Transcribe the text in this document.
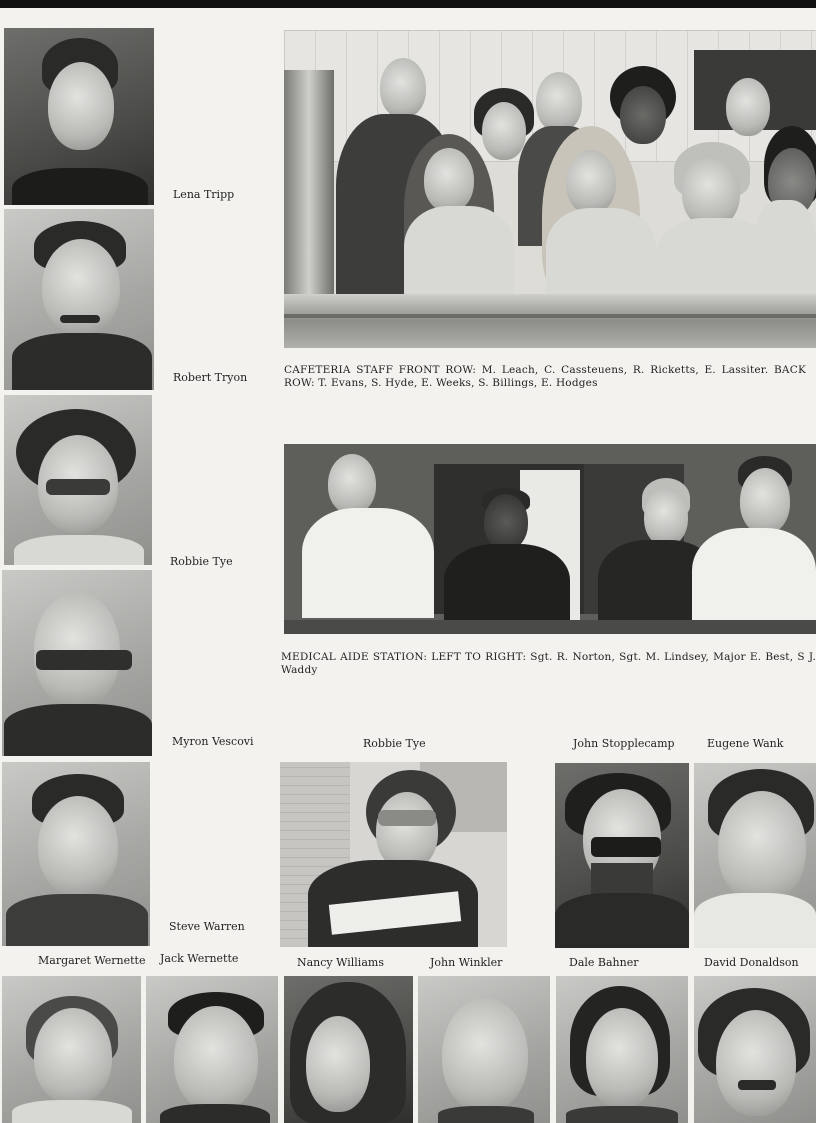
Lena Tripp
Robert Tryon
Robbie Tye
Myron Vescovi
Steve Warren
CAFETERIA STAFF FRONT ROW: M. Leach, C. Cassteuens, R. Ricketts, E. Lassiter. BACK ROW: T. Evans, S. Hyde, E. Weeks, S. Billings, E. Hodges
MEDICAL AIDE STATION: LEFT TO RIGHT: Sgt. R. Norton, Sgt. M. Lindsey, Major E. Best, S J. Waddy
Robbie Tye	John Stopplecamp	Eugene Wank
Margaret Wernette Jack Wernette	Nancy Williams	John Winkler	Dale Bahner	David Donaldson
